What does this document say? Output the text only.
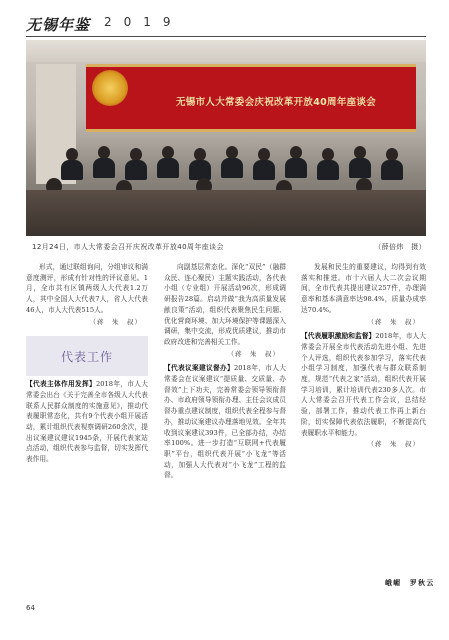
无锡年鉴 2019
无锡市人大常委会庆祝改革开放40周年座谈会
12月24日，市人大常委会召开庆祝改革开放40周年座谈会	（薛倍炜　摄）

形式，通过联组询问，分组审议和满意度测评，形成有针对性的评议意见。1月，全市共有区镇两级人大代表1.2万人，其中全国人大代表7人，省人大代表46人，市人大代表515人。

（蒋　朱　叔）

【代表主体作用发挥】2018年，市人大常委会出台《关于完善全市各级人大代表联系人民群众制度的实施意见》，推动代表履职常态化，共有9个代表小组开展活动，累计组织代表视察调研260余次，提出议案建议建议1945条，开展代表家站点活动，组织代表参与监督，切实发挥代表作用。

代表工作

向副基层常态化。深化“双民”（融群众民、连心聚民）主题实践活动，各代表小组（专业组）开展活动96次，形成调研报告28篇。启动并做“我为高质量发展献良策”活动，组织代表聚焦民生问题、优化营商环境、加大环境保护等课题深入调研，集中交流，形成优质建议，推动市政府改进和完善相关工作。

（蒋　朱　叔）

【代表议案建议督办】2018年，市人大常委会在议案建议“提质量、交质量、办督效”上下功夫，完善常委会领导领衔督办、市政府领导领衔办理、主任会议成员督办重点建议制度，组织代表全程参与督办，推动议案建议办理落地见效。全年共收到议案建议393件，已全部办结，办结率100%。进一步打造“互联网+代表履职”平台，组织代表开展“小飞龙”等活动，加强人大代表对“小飞龙”工程的监督。

发展和民生的重要建议，均得到有效落实和推进。市十六届人大二次会议期间，全市代表共提出建议257件，办理满意率和基本满意率达98.4%，质量办成率达70.4%。

（蒋　朱　叔）

【代表履职激励和监督】2018年，市人大常委会开展全市代表活动先进小组、先进个人评选，组织代表参加学习，落实代表小组学习制度，加强代表与群众联系制度，规范“代表之家”活动，组织代表开展学习培训，累计培训代表230多人次。市人大常委会召开代表工作会议，总结经验，部署工作，推动代表工作再上新台阶，切实保障代表依法履职，不断提高代表履职水平和能力。

（蒋　朱　叔）
峨嵋　罗秋云
64
